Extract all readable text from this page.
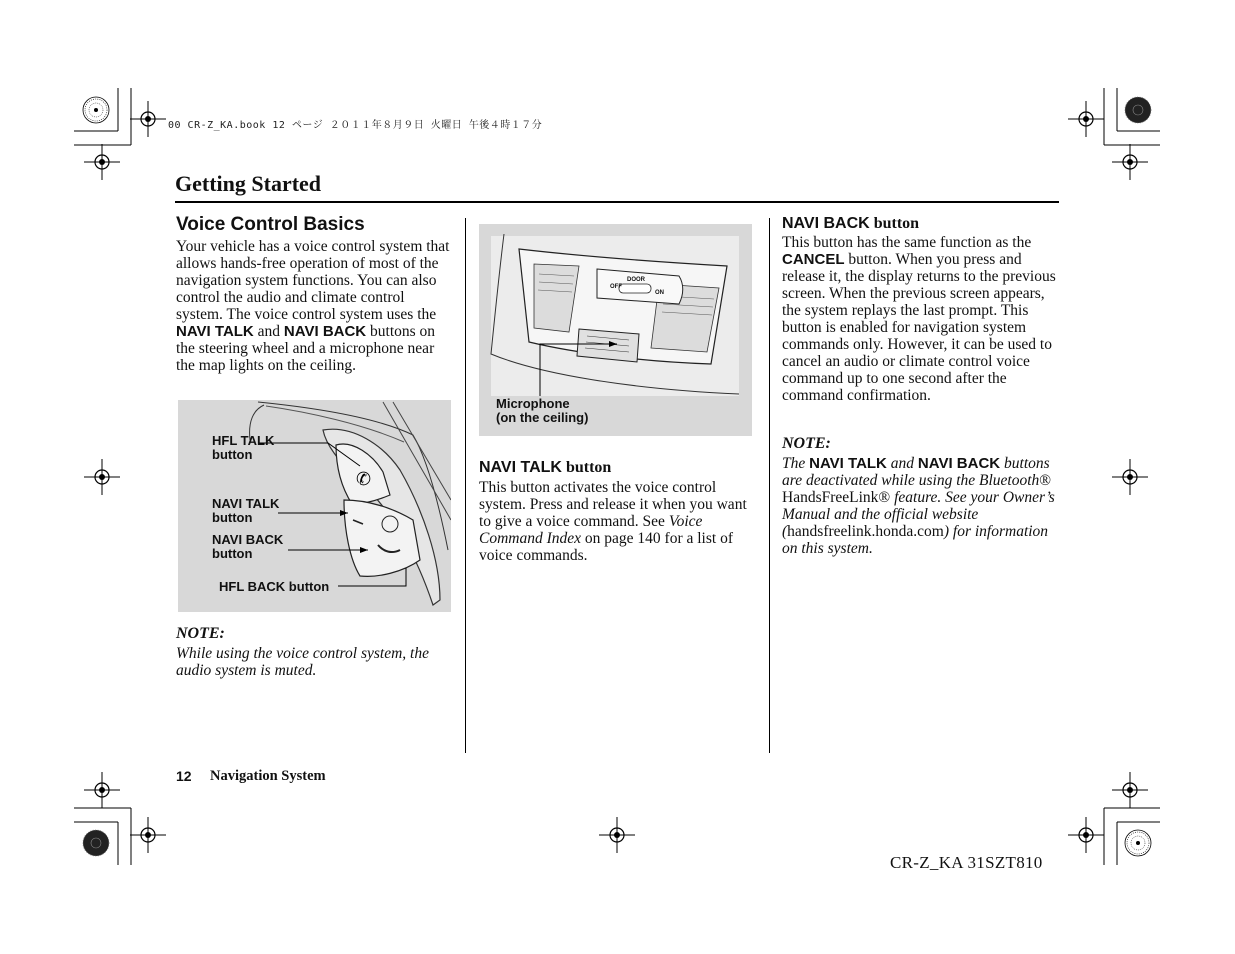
00 CR-Z_KA.book 12 ページ ２０１１年８月９日 火曜日 午後４時１７分
Getting Started
Voice Control Basics
Your vehicle has a voice control system that allows hands-free operation of most of the navigation system functions. You can also control the audio and climate control system. The voice control system uses the NAVI TALK and NAVI BACK buttons on the steering wheel and a microphone near the map lights on the ceiling.
✆
HFL TALK
button
NAVI TALK
button
NAVI BACK
button
HFL BACK button
NOTE:
While using the voice control system, the audio system is muted.
DOOR
OFF
ON
Microphone
(on the ceiling)
NAVI TALK button
This button activates the voice control system. Press and release it when you want to give a voice command. See Voice Command Index on page 140 for a list of voice commands.
NAVI BACK button
This button has the same function as the CANCEL button. When you press and release it, the display returns to the previous screen. When the previous screen appears, the system replays the last prompt. This button is enabled for navigation system commands only. However, it can be used to cancel an audio or climate control voice command up to one second after the command confirmation.
NOTE:
The NAVI TALK and NAVI BACK buttons are deactivated while using the Bluetooth® HandsFreeLink® feature. See your Owner’s Manual and the official website (handsfreelink.honda.com) for information on this system.
12 Navigation System
CR-Z_KA 31SZT810
